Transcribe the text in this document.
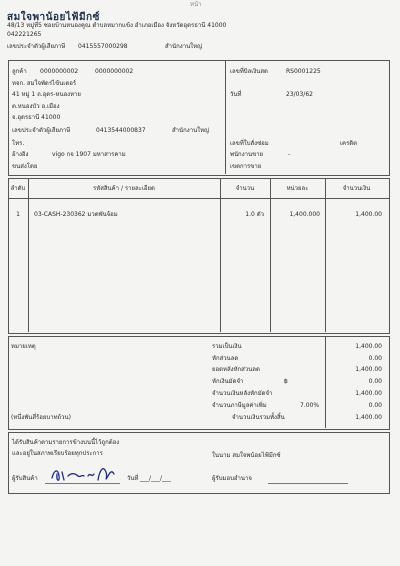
หน้า
สมใจพาน้อยไฟ้มีกซ์
48/13 หมู่ที่5 ซอยบ้านหนองคูณ ตำบลหมากแข้ง อำเภอเมือง จังหวัดอุดรธานี 41000
042221265
เลขประจำตัวผู้เสียภาษี 0415557000298	สำนักงานใหญ่
ลูกค้า 0000000002	0000000002
หจก. สมใจพัดร่ไข้นเตอร์
41 หมู่ 1 ถ.อุดร-หนองหาย
ต.หนองบัว อ.เมือง
จ.อุดรธานี 41000
เลขประจำตัวผู้เสียภาษี	0413544000837	สำนักงานใหญ่
โทร.
อ้างอิง	vigo กจ 1907 มหาสารคาม
ขนส่งโดย
เลขที่บิลเงินสด	RS0001225
วันที่	23/03/62
เลขที่ใบสั่งซ่อม	เครดิต
พนักงานขาย	-
เขตการขาย
ลำดับ	รหัสสินค้า / รายละเอียด	จำนวน	หน่วยละ	จำนวนเงิน
1	03-CASH-230362 มวดพันจ้อม	1.0 ตัว	1,400.000	1,400.00
หมายเหตุ
(หนึ่งพันสี่ร้อยบาทถ้วน)
รวมเป็นเงิน	1,400.00
หักส่วนลด	0.00
ยอดหลังหักส่วนลด	1,400.00
หักเงินมัดจำ	฿	0.00
จำนวนเงินหลังหักมัดจำ	1,400.00
จำนวนภาษีมูลค่าเพิ่ม	7.00%	0.00
จำนวนเงินรวมทั้งสิ้น	1,400.00
ได้รับสินค้าตามรายการข้างบนนี้ไว้ถูกต้อง
และอยู่ในสภาพเรียบร้อยทุกประการ	ในนาม สมใจพน้อยไฟ้มีกซ์
ผู้รับสินค้า	วันที่ ___/___/___	ผู้รับมอบอำนาจ
